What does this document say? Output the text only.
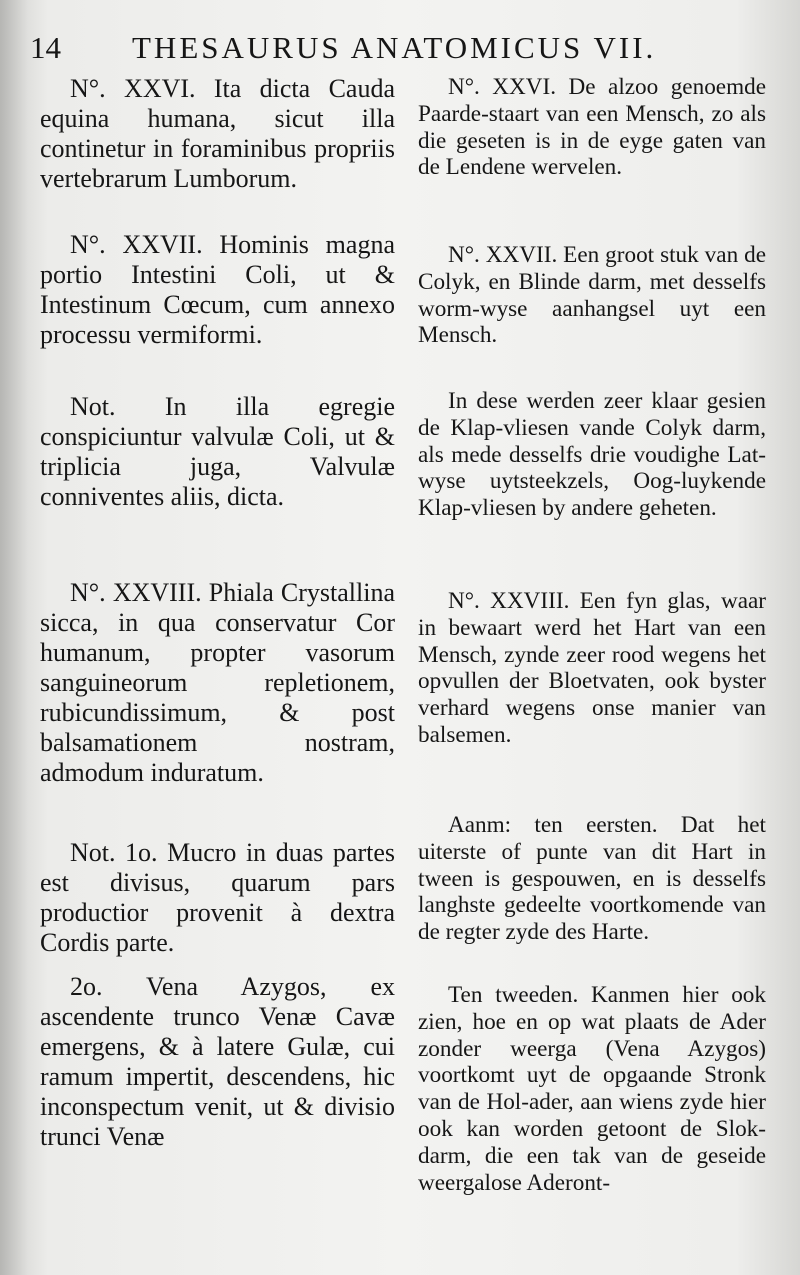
14 THESAURUS ANATOMICUS VII.

N°. XXVI. Ita dicta Cauda equina humana, sicut illa continetur in foraminibus propriis vertebrarum Lumborum.

N°. XXVII. Hominis magna portio Intestini Coli, ut & Intestinum Cœcum, cum annexo processu vermiformi.

Not. In illa egregie conspiciuntur valvulæ Coli, ut & triplicia juga, Valvulæ conniventes aliis, dicta.

N°. XXVIII. Phiala Crystallina sicca, in qua conservatur Cor humanum, propter vasorum sanguineorum repletionem, rubicundissimum, & post balsamationem nostram, admodum induratum.

Not. 1o. Mucro in duas partes est divisus, quarum pars productior provenit à dextra Cordis parte.

2o. Vena Azygos, ex ascendente trunco Venæ Cavæ emergens, & à latere Gulæ, cui ramum impertit, descendens, hic inconspectum venit, ut & divisio trunci Venæ

N°. XXVI. De alzoo genoemde Paarde-staart van een Mensch, zo als die geseten is in de eyge gaten van de Lendene wervelen.

N°. XXVII. Een groot stuk van de Colyk, en Blinde darm, met desselfs worm-wyse aanhangsel uyt een Mensch.

In dese werden zeer klaar gesien de Klap-vliesen vande Colyk darm, als mede desselfs drie voudighe Lat-wyse uytsteekzels, Oog-luykende Klap-vliesen by andere geheten.

N°. XXVIII. Een fyn glas, waar in bewaart werd het Hart van een Mensch, zynde zeer rood wegens het opvullen der Bloetvaten, ook byster verhard wegens onse manier van balsemen.

Aanm: ten eersten. Dat het uiterste of punte van dit Hart in tween is gespouwen, en is desselfs langhste gedeelte voortkomende van de regter zyde des Harte.

Ten tweeden. Kanmen hier ook zien, hoe en op wat plaats de Ader zonder weerga (Vena Azygos) voortkomt uyt de opgaande Stronk van de Hol-ader, aan wiens zyde hier ook kan worden getoont de Slok-darm, die een tak van de geseide weergalose Aderont-
